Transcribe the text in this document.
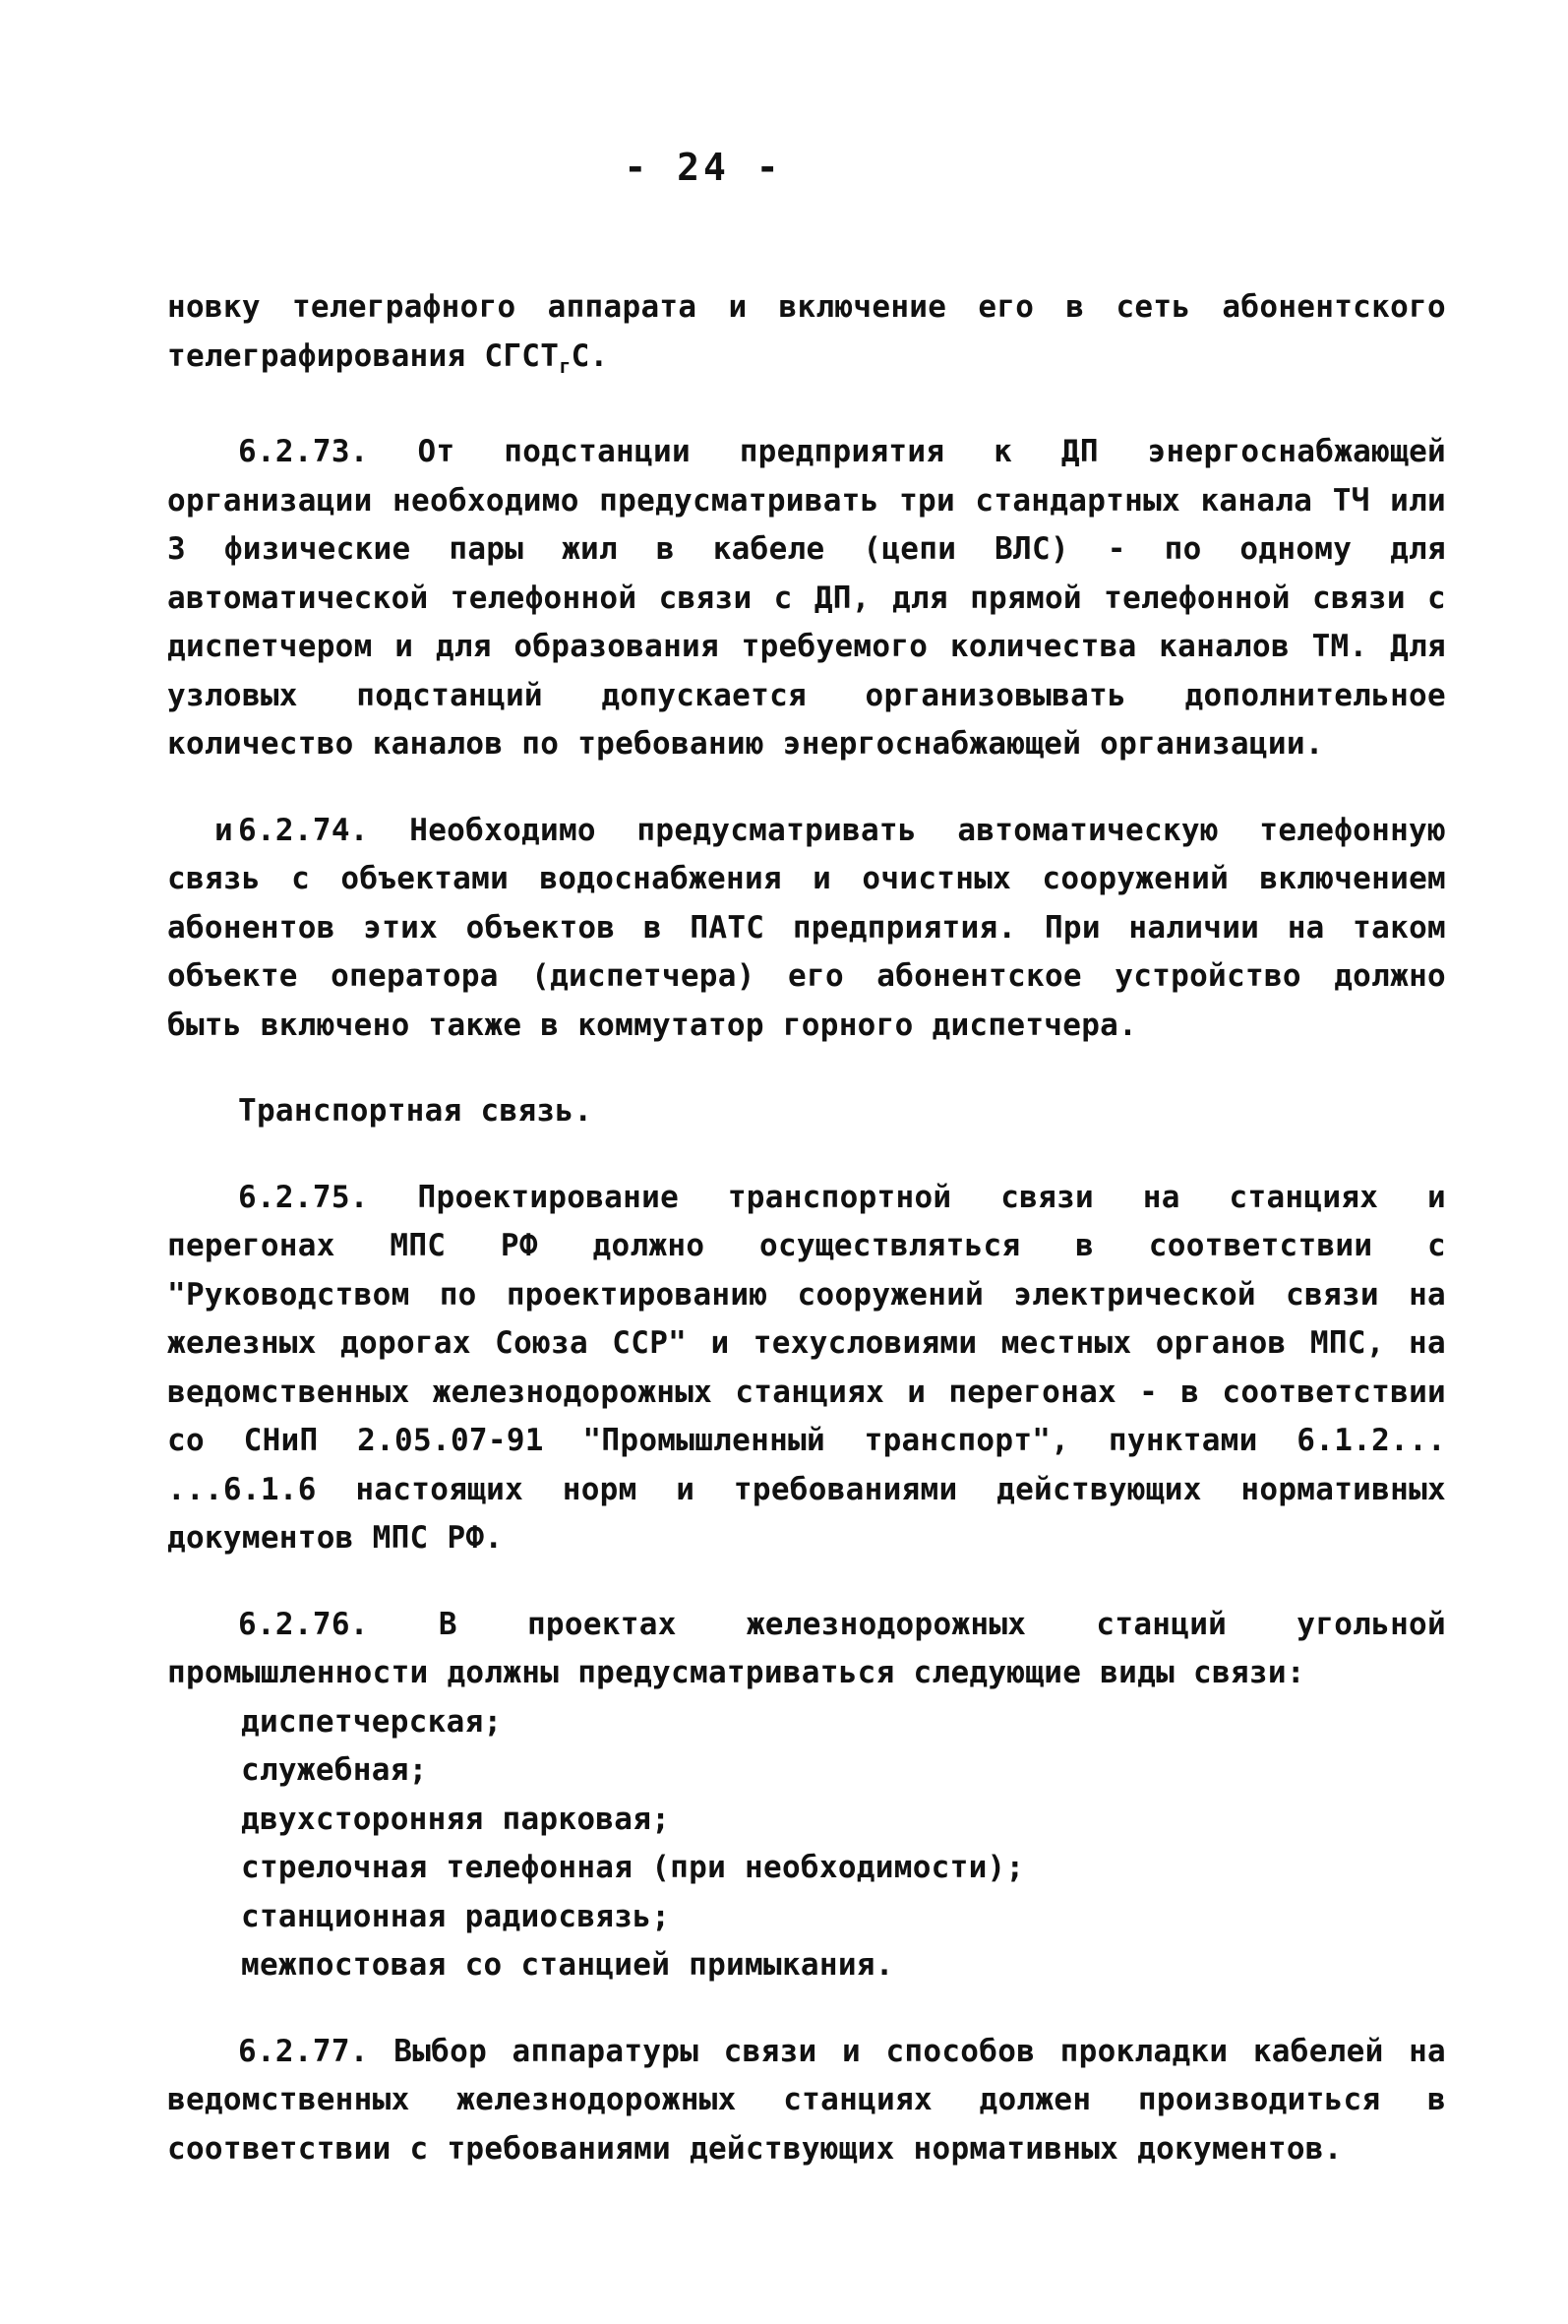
- 24 -

новку телеграфного аппарата и включение его в сеть абонентского телеграфирования $СГСТ_гС$.

6.2.73. От подстанции предприятия к ДП энергоснабжающей организации необходимо предусматривать три стандартных канала ТЧ или 3 физические пары жил в кабеле (цепи ВЛС) - по одному для автоматической телефонной связи с ДП, для прямой телефонной связи с диспетчером и для образования требуемого количества каналов ТМ. Для узловых подстанций допускается организовывать дополнительное количество каналов по требованию энергоснабжающей организации.

и 6.2.74. Необходимо предусматривать автоматическую телефонную связь с объектами водоснабжения и очистных сооружений включением абонентов этих объектов в ПАТС предприятия. При наличии на таком объекте оператора (диспетчера) его абонентское устройство должно быть включено также в коммутатор горного диспетчера.

Транспортная связь.

6.2.75. Проектирование транспортной связи на станциях и перегонах МПС РФ должно осуществляться в соответствии с "Руководством по проектированию сооружений электрической связи на железных дорогах Союза ССР" и техусловиями местных органов МПС, на ведомственных железнодорожных станциях и перегонах - в соответствии со СНиП 2.05.07-91 "Промышленный транспорт", пунктами 6.1.2... ...6.1.6 настоящих норм и требованиями действующих нормативных документов МПС РФ.

6.2.76. В проектах железнодорожных станций угольной промышленности должны предусматриваться следующие виды связи:

диспетчерская;
служебная;
двухсторонняя парковая;
стрелочная телефонная (при необходимости);
станционная радиосвязь;
межпостовая со станцией примыкания.

6.2.77. Выбор аппаратуры связи и способов прокладки кабелей на ведомственных железнодорожных станциях должен производиться в соответствии с требованиями действующих нормативных документов.
